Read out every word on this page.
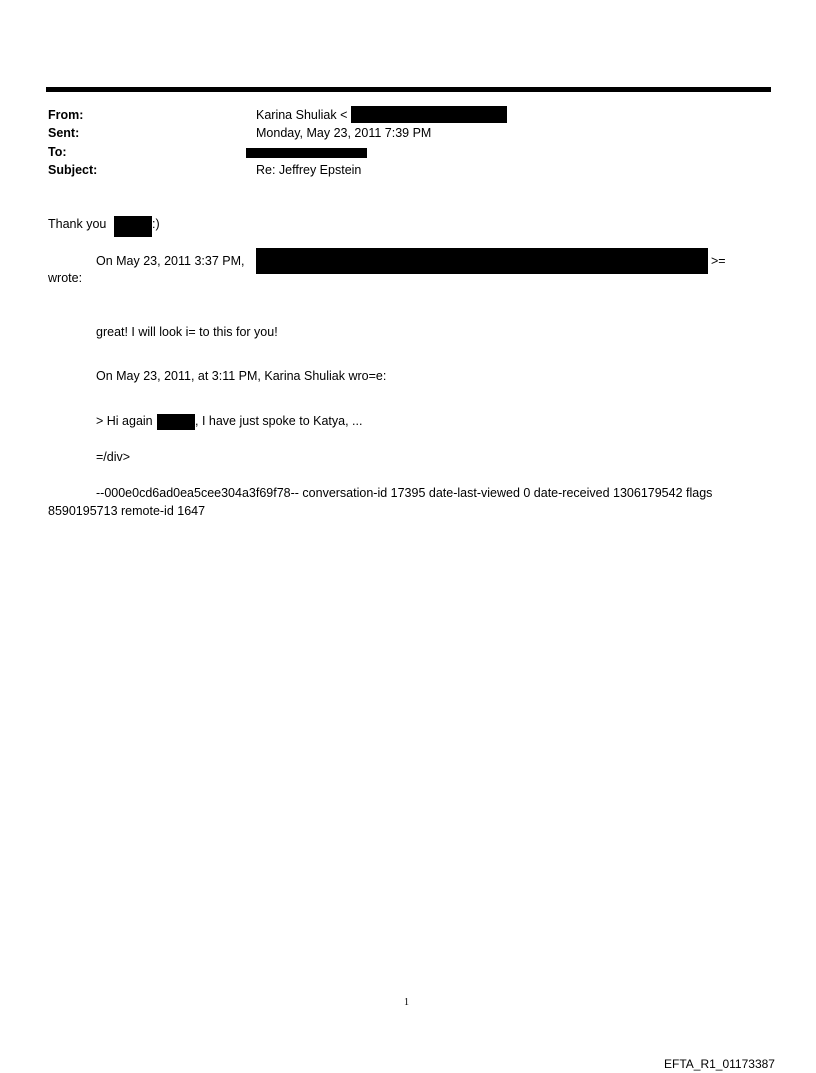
From:	Karina Shuliak <
Sent:	Monday, May 23, 2011 7:39 PM
To:
Subject:	Re: Jeffrey Epstein
Thank you	:)
On May 23, 2011 3:37 PM,	>=
wrote:
great! I will look i= to this for you!
On May 23, 2011, at 3:11 PM, Karina Shuliak wro=e:
> Hi again	, I have just spoke to Katya, ...
=/div>
--000e0cd6ad0ea5cee304a3f69f78-- conversation-id 17395 date-last-viewed 0 date-received 1306179542 flags
8590195713 remote-id 1647
1
EFTA_R1_01173387
